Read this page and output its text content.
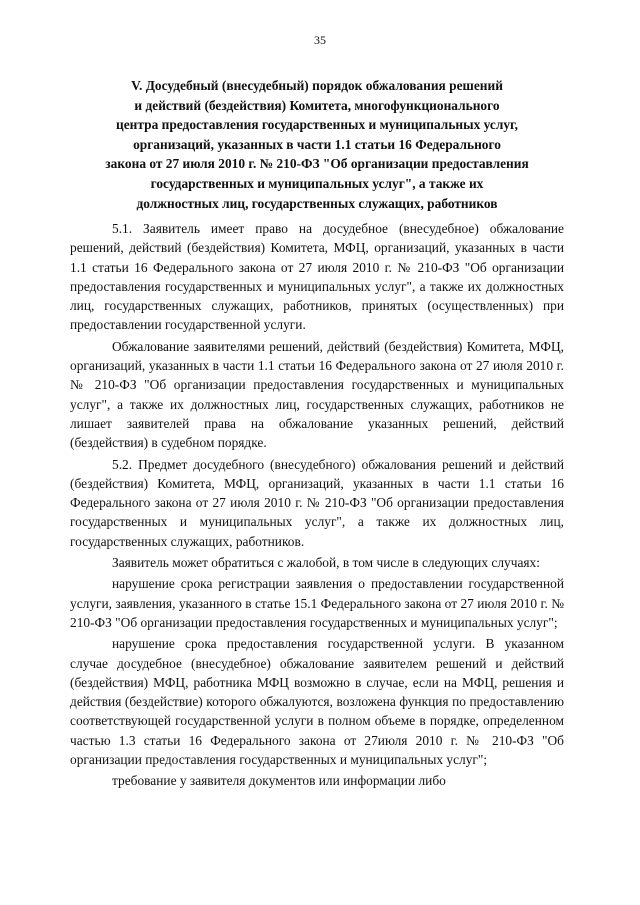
35
V. Досудебный (внесудебный) порядок обжалования решений
и действий (бездействия) Комитета, многофункционального
центра предоставления государственных и муниципальных услуг,
организаций, указанных в части 1.1 статьи 16 Федерального
закона от 27 июля 2010 г. № 210-ФЗ "Об организации предоставления
государственных и муниципальных услуг", а также их
должностных лиц, государственных служащих, работников

5.1. Заявитель имеет право на досудебное (внесудебное) обжалование решений, действий (бездействия) Комитета, МФЦ, организаций, указанных в части 1.1 статьи 16 Федерального закона от 27 июля 2010 г. № 210-ФЗ "Об организации предоставления государственных и муниципальных услуг", а также их должностных лиц, государственных служащих, работников, принятых (осуществленных) при предоставлении государственной услуги.

Обжалование заявителями решений, действий (бездействия) Комитета, МФЦ, организаций, указанных в части 1.1 статьи 16 Федерального закона от 27 июля 2010 г. № 210-ФЗ "Об организации предоставления государственных и муниципальных услуг", а также их должностных лиц, государственных служащих, работников не лишает заявителей права на обжалование указанных решений, действий (бездействия) в судебном порядке.

5.2. Предмет досудебного (внесудебного) обжалования решений и действий (бездействия) Комитета, МФЦ, организаций, указанных в части 1.1 статьи 16 Федерального закона от 27 июля 2010 г. № 210-ФЗ "Об организации предоставления государственных и муниципальных услуг", а также их должностных лиц, государственных служащих, работников.

Заявитель может обратиться с жалобой, в том числе в следующих случаях:

нарушение срока регистрации заявления о предоставлении государственной услуги, заявления, указанного в статье 15.1 Федерального закона от 27 июля 2010 г. № 210-ФЗ "Об организации предоставления государственных и муниципальных услуг";

нарушение срока предоставления государственной услуги. В указанном случае досудебное (внесудебное) обжалование заявителем решений и действий (бездействия) МФЦ, работника МФЦ возможно в случае, если на МФЦ, решения и действия (бездействие) которого обжалуются, возложена функция по предоставлению соответствующей государственной услуги в полном объеме в порядке, определенном частью 1.3 статьи 16 Федерального закона от 27июля 2010 г. № 210-ФЗ "Об организации предоставления государственных и муниципальных услуг";

требование у заявителя документов или информации либо
